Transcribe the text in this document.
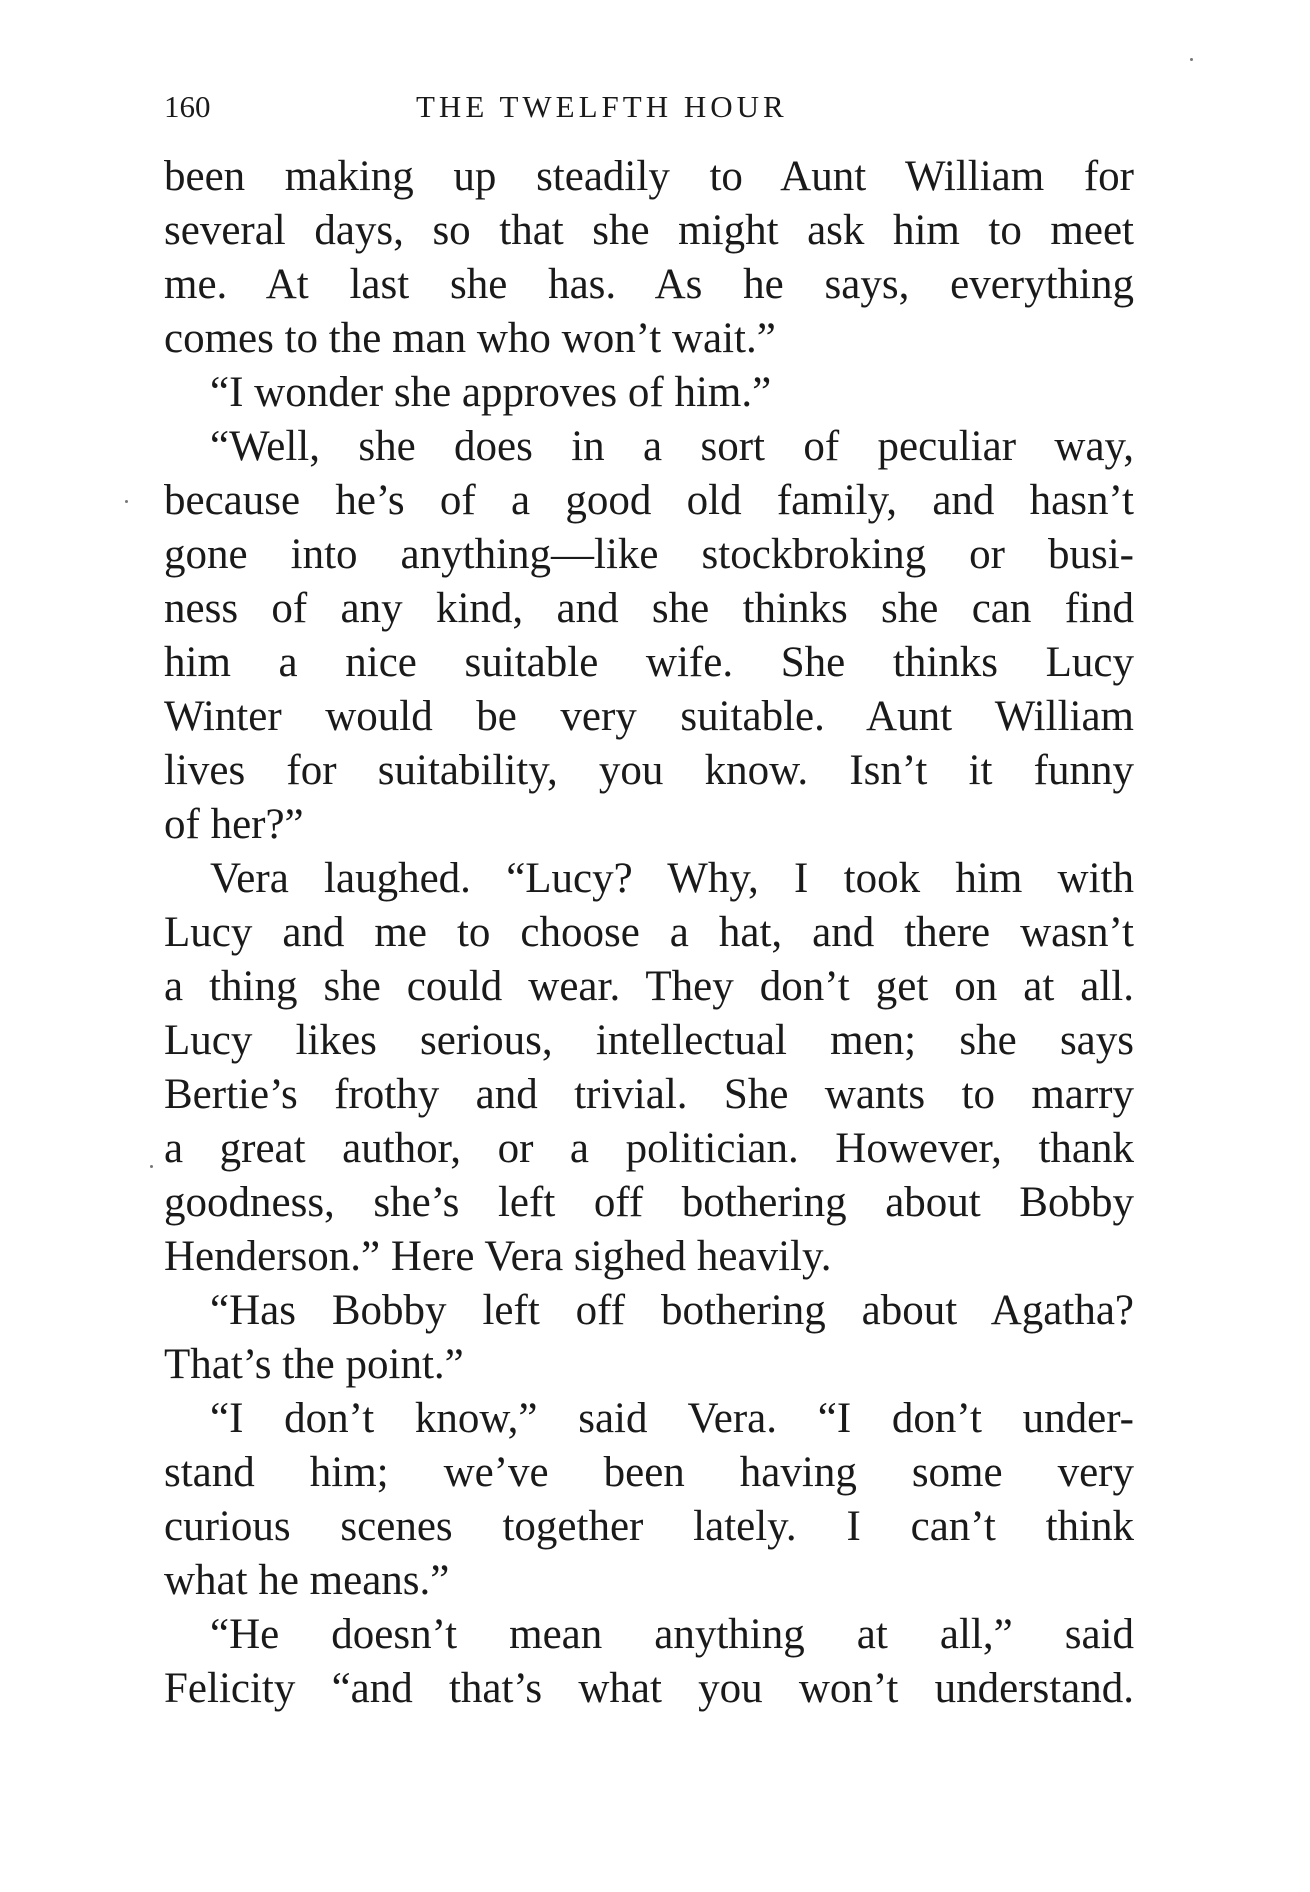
160	THE TWELFTH HOUR
been making up steadily to Aunt William for
several days, so that she might ask him to meet
me. At last she has. As he says, everything
comes to the man who won’t wait.”
“I wonder she approves of him.”
“Well, she does in a sort of peculiar way,
because he’s of a good old family, and hasn’t
gone into anything—like stockbroking or busi-
ness of any kind, and she thinks she can find
him a nice suitable wife. She thinks Lucy
Winter would be very suitable. Aunt William
lives for suitability, you know. Isn’t it funny
of her?”
Vera laughed. “Lucy? Why, I took him with
Lucy and me to choose a hat, and there wasn’t
a thing she could wear. They don’t get on at all.
Lucy likes serious, intellectual men; she says
Bertie’s frothy and trivial. She wants to marry
a great author, or a politician. However, thank
goodness, she’s left off bothering about Bobby
Henderson.” Here Vera sighed heavily.
“Has Bobby left off bothering about Agatha?
That’s the point.”
“I don’t know,” said Vera. “I don’t under-
stand him; we’ve been having some very
curious scenes together lately. I can’t think
what he means.”
“He doesn’t mean anything at all,” said
Felicity “and that’s what you won’t understand.
